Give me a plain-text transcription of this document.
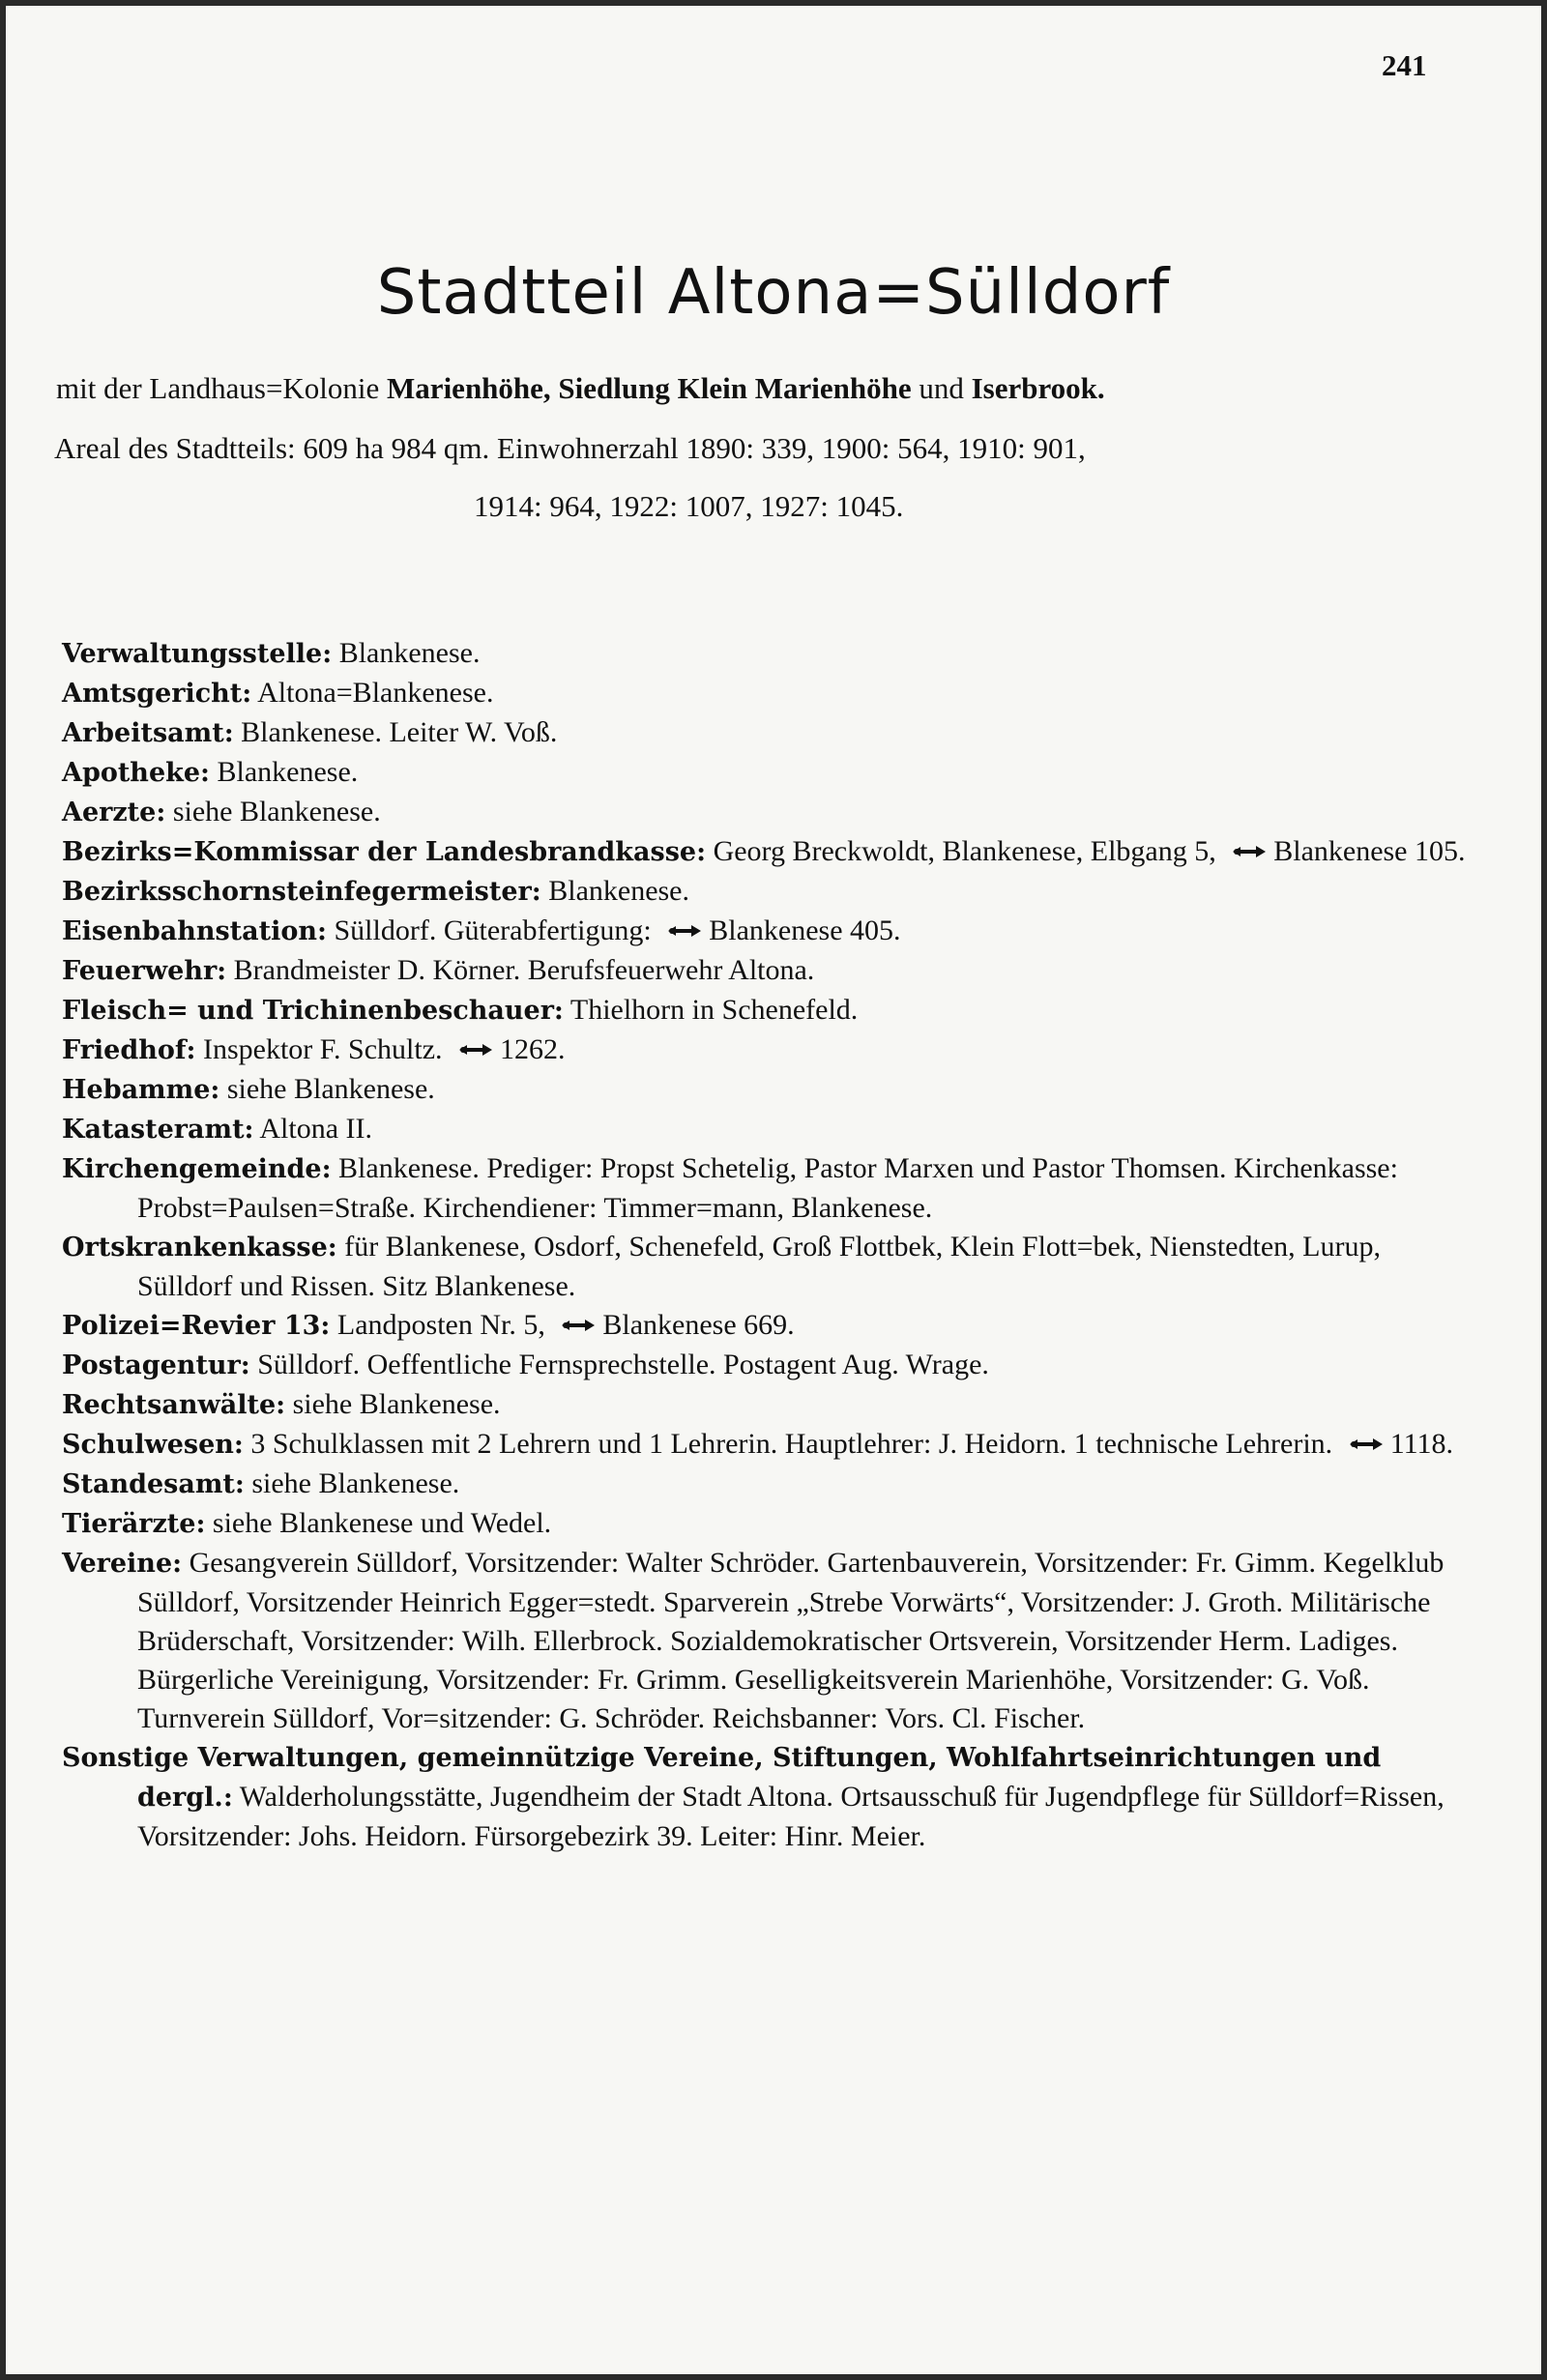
241
Stadtteil Altona=Sülldorf
mit der Landhaus=Kolonie Marienhöhe, Siedlung Klein Marienhöhe und Iserbrook.
Areal des Stadtteils: 609 ha 984 qm. Einwohnerzahl 1890: 339, 1900: 564, 1910: 901,
1914: 964, 1922: 1007, 1927: 1045.

Verwaltungsstelle: Blankenese.

Amtsgericht: Altona=Blankenese.

Arbeitsamt: Blankenese. Leiter W. Voß.

Apotheke: Blankenese.

Aerzte: siehe Blankenese.

Bezirks=Kommissar der Landesbrandkasse: Georg Breckwoldt, Blankenese, Elbgang 5, Blankenese 105.

Bezirksschornsteinfegermeister: Blankenese.

Eisenbahnstation: Sülldorf. Güterabfertigung: Blankenese 405.

Feuerwehr: Brandmeister D. Körner. Berufsfeuerwehr Altona.

Fleisch= und Trichinenbeschauer: Thielhorn in Schenefeld.

Friedhof: Inspektor F. Schultz. 1262.

Hebamme: siehe Blankenese.

Katasteramt: Altona II.

Kirchengemeinde: Blankenese. Prediger: Propst Schetelig, Pastor Marxen und Pastor Thomsen. Kirchenkasse: Probst=Paulsen=Straße. Kirchendiener: Timmer=mann, Blankenese.

Ortskrankenkasse: für Blankenese, Osdorf, Schenefeld, Groß Flottbek, Klein Flott=bek, Nienstedten, Lurup, Sülldorf und Rissen. Sitz Blankenese.

Polizei=Revier 13: Landposten Nr. 5, Blankenese 669.

Postagentur: Sülldorf. Oeffentliche Fernsprechstelle. Postagent Aug. Wrage.

Rechtsanwälte: siehe Blankenese.

Schulwesen: 3 Schulklassen mit 2 Lehrern und 1 Lehrerin. Hauptlehrer: J. Heidorn. 1 technische Lehrerin. 1118.

Standesamt: siehe Blankenese.

Tierärzte: siehe Blankenese und Wedel.

Vereine: Gesangverein Sülldorf, Vorsitzender: Walter Schröder. Gartenbauverein, Vorsitzender: Fr. Gimm. Kegelklub Sülldorf, Vorsitzender Heinrich Egger=stedt. Sparverein „Strebe Vorwärts“, Vorsitzender: J. Groth. Militärische Brüderschaft, Vorsitzender: Wilh. Ellerbrock. Sozialdemokratischer Ortsverein, Vorsitzender Herm. Ladiges. Bürgerliche Vereinigung, Vorsitzender: Fr. Grimm. Geselligkeitsverein Marienhöhe, Vorsitzender: G. Voß. Turnverein Sülldorf, Vor=sitzender: G. Schröder. Reichsbanner: Vors. Cl. Fischer.

Sonstige Verwaltungen, gemeinnützige Vereine, Stiftungen, Wohlfahrtseinrichtungen und dergl.: Walderholungsstätte, Jugendheim der Stadt Altona. Ortsausschuß für Jugendpflege für Sülldorf=Rissen, Vorsitzender: Johs. Heidorn. Fürsorgebezirk 39. Leiter: Hinr. Meier.
